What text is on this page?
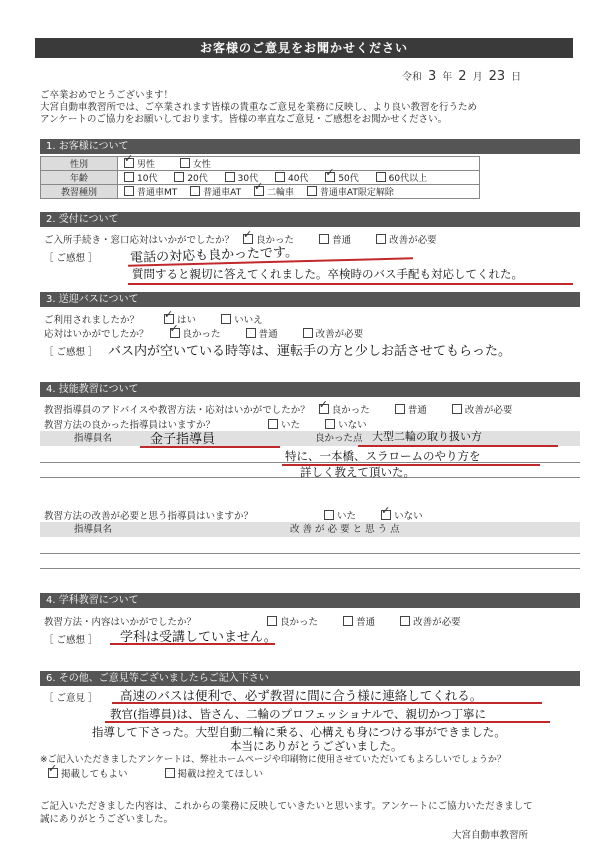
お客様のご意見をお聞かせください
令和 3 年 2 月 23 日
ご卒業おめでとうございます！
大宮自動車教習所では、ご卒業されます皆様の貴重なご意見を業務に反映し、より良い教習を行うため
アンケートのご協力をお願いしております。皆様の率直なご意見・ご感想をお聞かせください。
1. お客様について
性別	✓男性 女性
年齢	10代 20代 30代 40代 ✓ 50代 60代以上
教習種別	普通車MT 普通車AT ✓ 二輪車 普通車AT限定解除
2. 受付について
ご入所手続き・窓口応対はいかがでしたか？ ✓ 良かった	普通	改善が必要
［ ご感想 ］ 電話の対応も良かったです。
質問すると親切に答えてくれました。卒検時のバス手配も対応してくれた。
3. 送迎バスについて
ご利用されましたか？ ✓	はい	いいえ
応対はいかがでしたか？ ✓	良かった	普通	改善が必要
［ ご感想 ］ バス内が空いている時等は、運転手の方と少しお話させてもらった。
4. 技能教習について
教習指導員のアドバイスや教習方法・応対はいかがでしたか？ ✓ 良かった	普通	改善が必要
教習方法の良かった指導員はいますか？	いた	いない
指導員名	良かった点
金子指導員	大型二輪の取り扱い方
特に、一本橋、スラロームのやり方を
詳しく教えて頂いた。
教習方法の改善が必要と思う指導員はいますか？	いた ✓	いない
指導員名	改 善 が 必 要 と 思 う 点
4. 学科教習について
教習方法・内容はいかがでしたか？	良かった	普通	改善が必要
［ ご感想 ］ 学科は受講していません。
6. その他、ご意見等ございましたらご記入下さい
［ ご意見 ］ 高速のバスは便利で、必ず教習に間に合う様に連絡してくれる。
教官(指導員)は、皆さん、二輪のプロフェッショナルで、親切かつ丁寧に
指導して下さった。大型自動二輪に乗る、心構えも身につける事ができました。
本当にありがとうございました。
※ご記入いただきましたアンケートは、弊社ホームページや印刷物に使用させていただいてもよろしいでしょうか？
✓掲載してもよい	掲載は控えてほしい
ご記入いただきました内容は、これからの業務に反映していきたいと思います。アンケートにご協力いただきまして
誠にありがとうございました。
大宮自動車教習所
